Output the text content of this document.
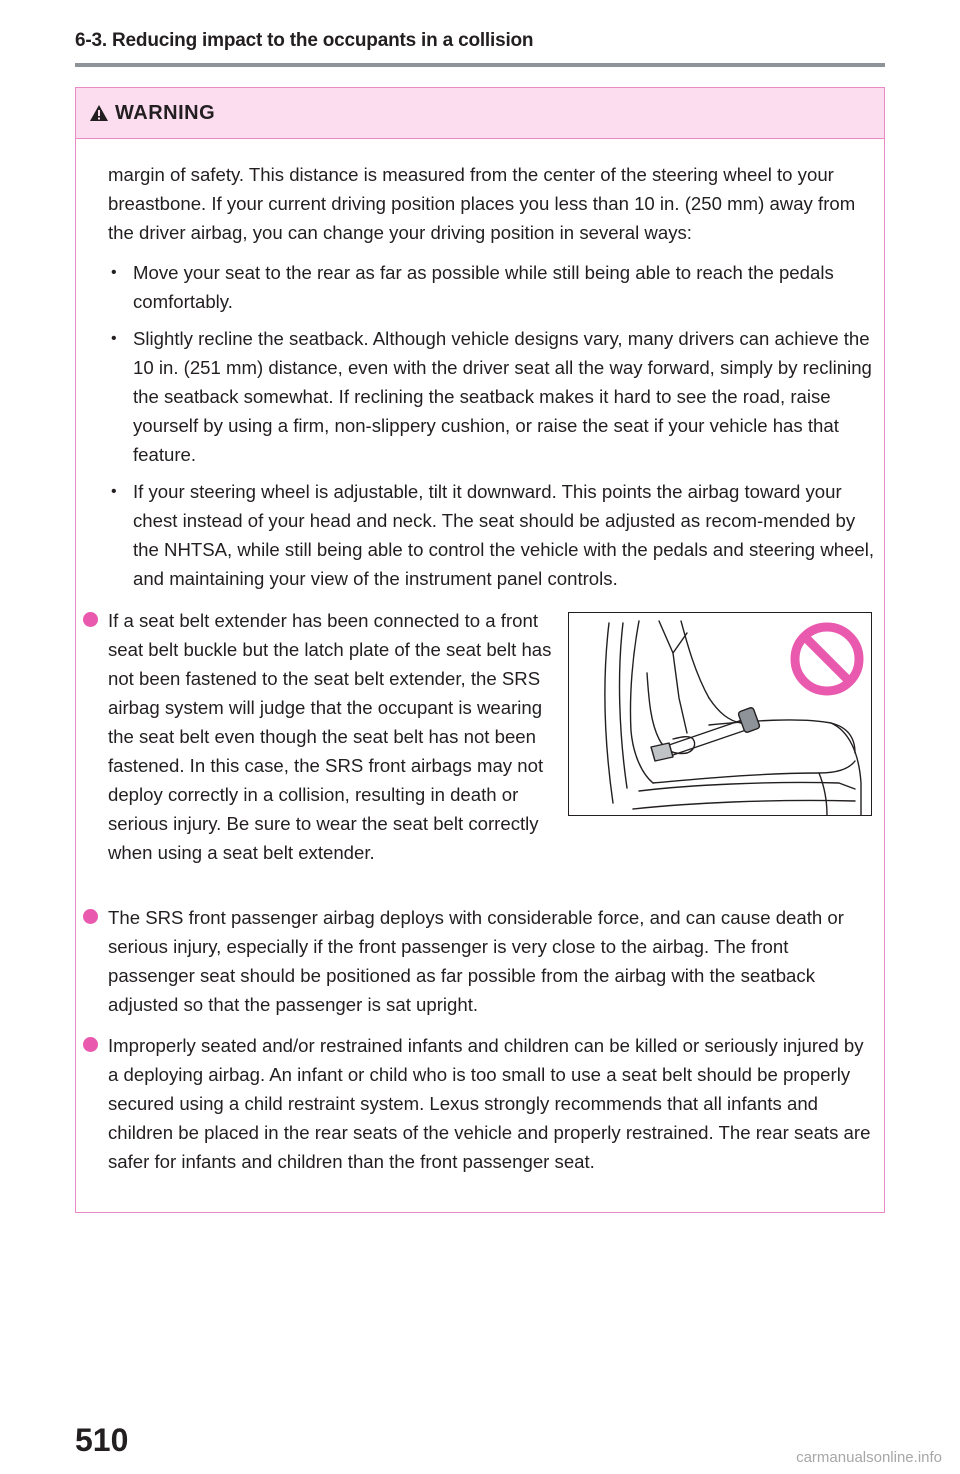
6-3. Reducing impact to the occupants in a collision
WARNING

margin of safety. This distance is measured from the center of the steering wheel to your breastbone. If your current driving position places you less than 10 in. (250 mm) away from the driver airbag, you can change your driving position in several ways:

• Move your seat to the rear as far as possible while still being able to reach the pedals comfortably.
• Slightly recline the seatback. Although vehicle designs vary, many drivers can achieve the 10 in. (251 mm) distance, even with the driver seat all the way forward, simply by reclining the seatback somewhat. If reclining the seatback makes it hard to see the road, raise yourself by using a firm, non-slippery cushion, or raise the seat if your vehicle has that feature.
• If your steering wheel is adjustable, tilt it downward. This points the airbag toward your chest instead of your head and neck. The seat should be adjusted as recom-mended by the NHTSA, while still being able to control the vehicle with the pedals and steering wheel, and maintaining your view of the instrument panel controls.
If a seat belt extender has been connected to a front seat belt buckle but the latch plate of the seat belt has not been fastened to the seat belt extender, the SRS airbag system will judge that the occupant is wearing the seat belt even though the seat belt has not been fastened. In this case, the SRS front airbags may not deploy correctly in a collision, resulting in death or serious injury. Be sure to wear the seat belt correctly when using a seat belt extender.
The SRS front passenger airbag deploys with considerable force, and can cause death or serious injury, especially if the front passenger is very close to the airbag. The front passenger seat should be positioned as far possible from the airbag with the seatback adjusted so that the passenger is sat upright.
Improperly seated and/or restrained infants and children can be killed or seriously injured by a deploying airbag. An infant or child who is too small to use a seat belt should be properly secured using a child restraint system. Lexus strongly recommends that all infants and children be placed in the rear seats of the vehicle and properly restrained. The rear seats are safer for infants and children than the front passenger seat.
510	carmanualsonline.info
